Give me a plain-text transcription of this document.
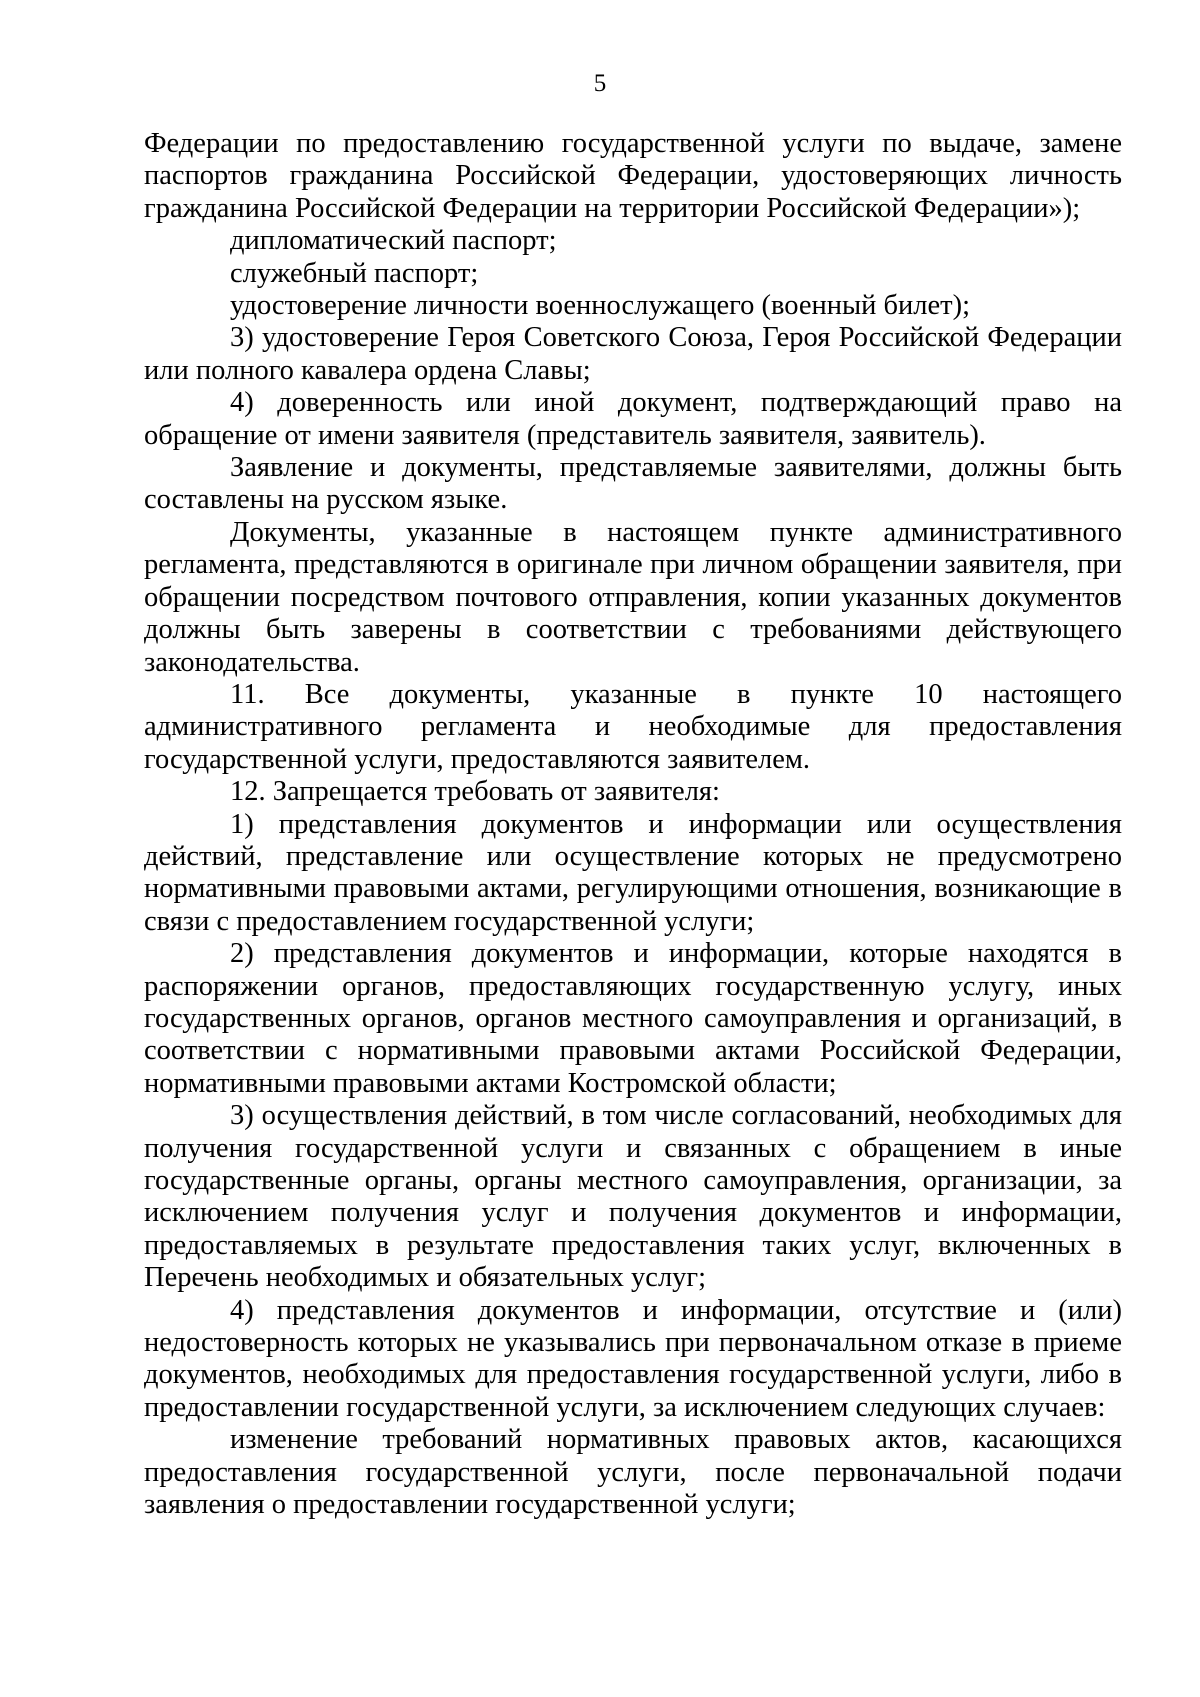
5

Федерации по предоставлению государственной услуги по выдаче, замене паспортов гражданина Российской Федерации, удостоверяющих личность гражданина Российской Федерации на территории Российской Федерации»);

дипломатический паспорт;

служебный паспорт;

удостоверение личности военнослужащего (военный билет);

3) удостоверение Героя Советского Союза, Героя Российской Федерации или полного кавалера ордена Славы;

4) доверенность или иной документ, подтверждающий право на обращение от имени заявителя (представитель заявителя, заявитель).

Заявление и документы, представляемые заявителями, должны быть составлены на русском языке.

Документы, указанные в настоящем пункте административного регламента, представляются в оригинале при личном обращении заявителя, при обращении посредством почтового отправления, копии указанных документов должны быть заверены в соответствии с требованиями действующего законодательства.

11. Все документы, указанные в пункте 10 настоящего административного регламента и необходимые для предоставления государственной услуги, предоставляются заявителем.

12. Запрещается требовать от заявителя:

1) представления документов и информации или осуществления действий, представление или осуществление которых не предусмотрено нормативными правовыми актами, регулирующими отношения, возникающие в связи с предоставлением государственной услуги;

2) представления документов и информации, которые находятся в распоряжении органов, предоставляющих государственную услугу, иных государственных органов, органов местного самоуправления и организаций, в соответствии с нормативными правовыми актами Российской Федерации, нормативными правовыми актами Костромской области;

3) осуществления действий, в том числе согласований, необходимых для получения государственной услуги и связанных с обращением в иные государственные органы, органы местного самоуправления, организации, за исключением получения услуг и получения документов и информации, предоставляемых в результате предоставления таких услуг, включенных в Перечень необходимых и обязательных услуг;

4) представления документов и информации, отсутствие и (или) недостоверность которых не указывались при первоначальном отказе в приеме документов, необходимых для предоставления государственной услуги, либо в предоставлении государственной услуги, за исключением следующих случаев:

изменение требований нормативных правовых актов, касающихся предоставления государственной услуги, после первоначальной подачи заявления о предоставлении государственной услуги;
